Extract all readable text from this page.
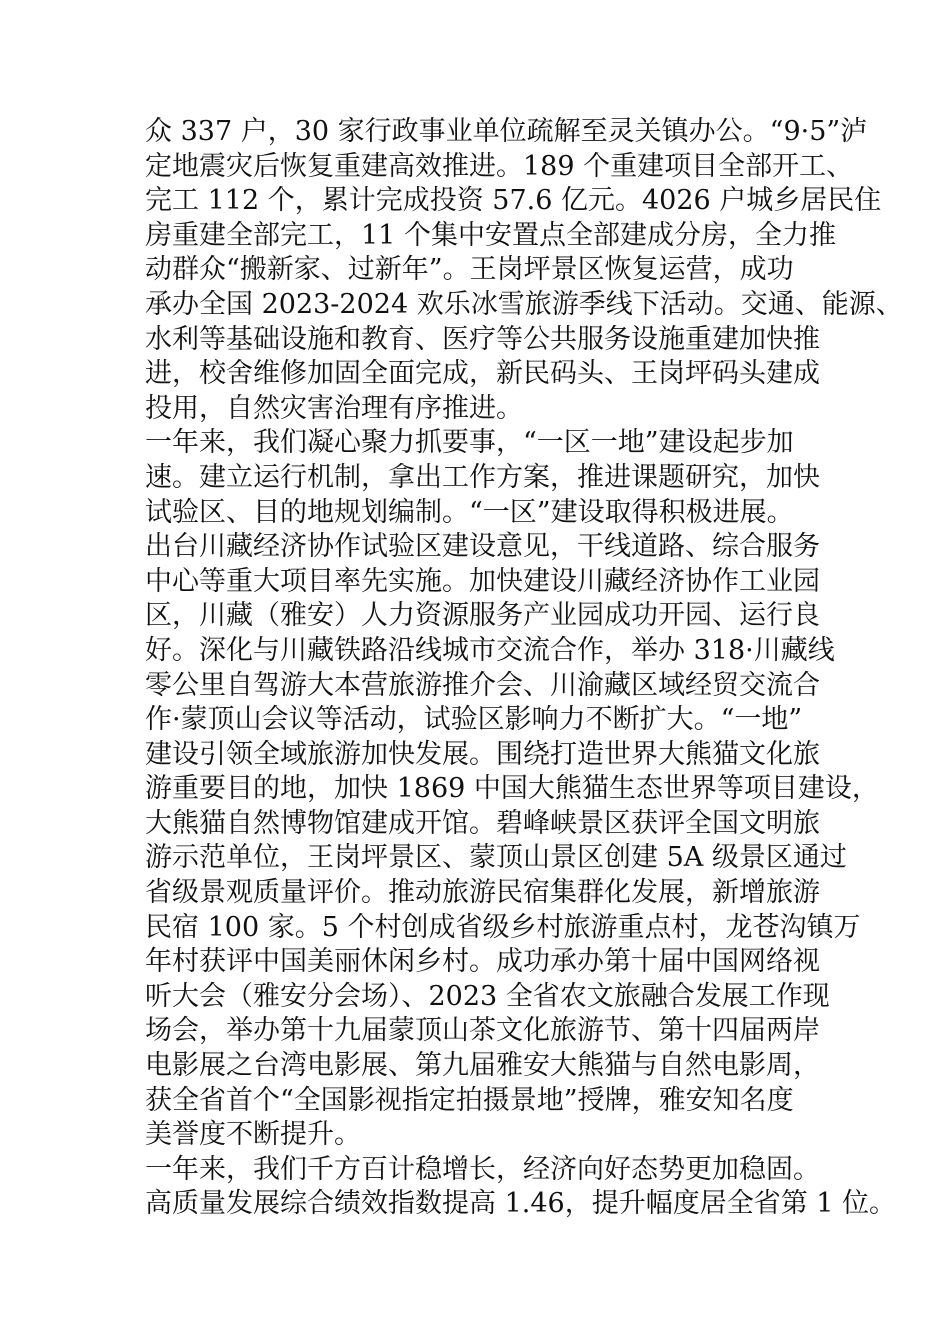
众 337 户，30 家行政事业单位疏解至灵关镇办公。“9·5”泸
定地震灾后恢复重建高效推进。189 个重建项目全部开工、
完工 112 个，累计完成投资 57.6 亿元。4026 户城乡居民住
房重建全部完工，11 个集中安置点全部建成分房，全力推
动群众“搬新家、过新年”。王岗坪景区恢复运营，成功
承办全国 2023-2024 欢乐冰雪旅游季线下活动。交通、能源、
水利等基础设施和教育、医疗等公共服务设施重建加快推
进，校舍维修加固全面完成，新民码头、王岗坪码头建成
投用，自然灾害治理有序推进。
一年来，我们凝心聚力抓要事，“一区一地”建设起步加
速。建立运行机制，拿出工作方案，推进课题研究，加快
试验区、目的地规划编制。“一区”建设取得积极进展。
出台川藏经济协作试验区建设意见，干线道路、综合服务
中心等重大项目率先实施。加快建设川藏经济协作工业园
区，川藏（雅安）人力资源服务产业园成功开园、运行良
好。深化与川藏铁路沿线城市交流合作，举办 318·川藏线
零公里自驾游大本营旅游推介会、川渝藏区域经贸交流合
作·蒙顶山会议等活动，试验区影响力不断扩大。“一地”
建设引领全域旅游加快发展。围绕打造世界大熊猫文化旅
游重要目的地，加快 1869 中国大熊猫生态世界等项目建设，
大熊猫自然博物馆建成开馆。碧峰峡景区获评全国文明旅
游示范单位，王岗坪景区、蒙顶山景区创建 5A 级景区通过
省级景观质量评价。推动旅游民宿集群化发展，新增旅游
民宿 100 家。5 个村创成省级乡村旅游重点村，龙苍沟镇万
年村获评中国美丽休闲乡村。成功承办第十届中国网络视
听大会（雅安分会场）、2023 全省农文旅融合发展工作现
场会，举办第十九届蒙顶山茶文化旅游节、第十四届两岸
电影展之台湾电影展、第九届雅安大熊猫与自然电影周，
获全省首个“全国影视指定拍摄景地”授牌，雅安知名度
美誉度不断提升。
一年来，我们千方百计稳增长，经济向好态势更加稳固。
高质量发展综合绩效指数提高 1.46，提升幅度居全省第 1 位。
